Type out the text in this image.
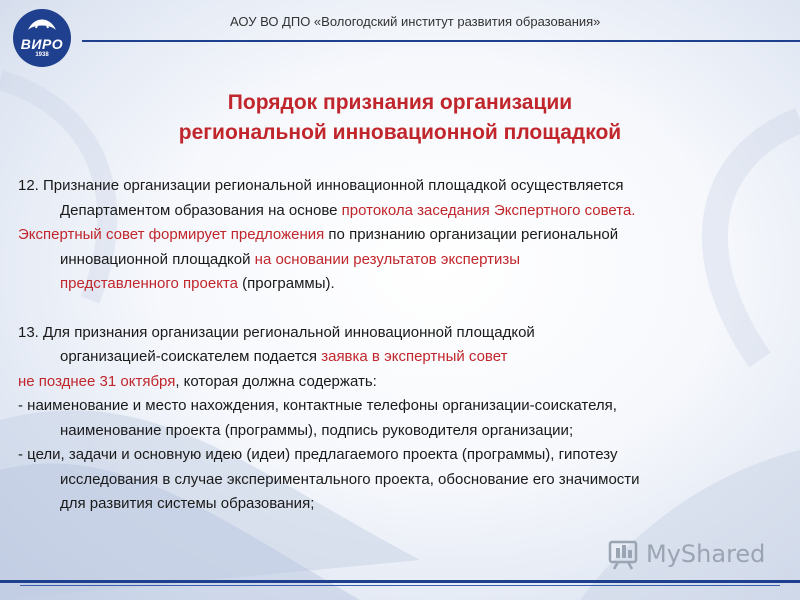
ВИРО
1938
АОУ ВО ДПО «Вологодский институт развития образования»
Порядок признания организации
региональной инновационной площадкой
12. Признание организации региональной инновационной площадкой осуществляется
Департаментом образования на основе протокола заседания Экспертного совета.
Экспертный совет формирует предложения по признанию организации региональной
инновационной площадкой на основании результатов экспертизы
представленного проекта (программы).
13. Для признания организации региональной инновационной площадкой
организацией-соискателем подается заявка в экспертный совет
не позднее 31 октября, которая должна содержать:
- наименование и место нахождения, контактные телефоны организации-соискателя,
наименование проекта (программы), подпись руководителя организации;
- цели, задачи и основную идею (идеи) предлагаемого проекта (программы), гипотезу
исследования в случае экспериментального проекта, обоснование его значимости
для развития системы образования;
MyShared
